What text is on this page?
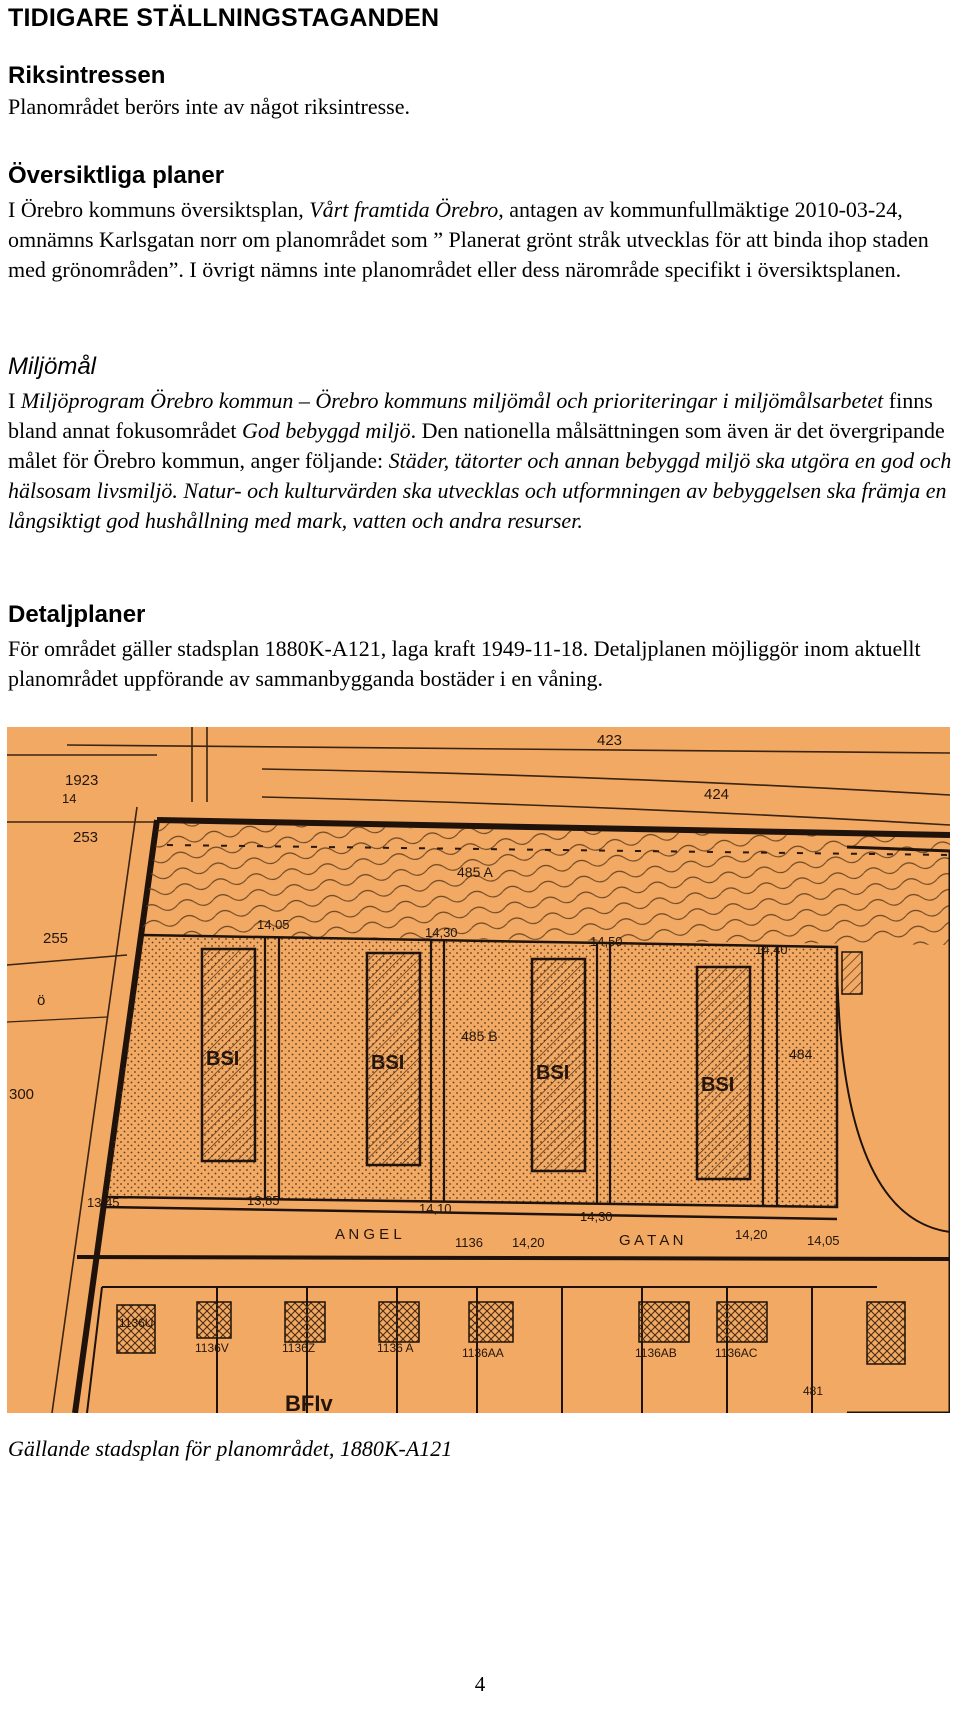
TIDIGARE STÄLLNINGSTAGANDEN
Riksintressen

Planområdet berörs inte av något riksintresse.

Översiktliga planer

I Örebro kommuns översiktsplan, Vårt framtida Örebro, antagen av kommunfullmäktige 2010-03-24, omnämns Karlsgatan norr om planområdet som ” Planerat grönt stråk utvecklas för att binda ihop staden med grönområden”. I övrigt nämns inte planområdet eller dess närområde specifikt i översiktsplanen.

Miljömål

I Miljöprogram Örebro kommun – Örebro kommuns miljömål och prioriteringar i miljömålsarbetet finns bland annat fokusområdet God bebyggd miljö. Den nationella målsättningen som även är det övergripande målet för Örebro kommun, anger följande: Städer, tätorter och annan bebyggd miljö ska utgöra en god och hälsosam livsmiljö. Natur- och kulturvärden ska utvecklas och utformningen av bebyggelsen ska främja en långsiktigt god hushållning med mark, vatten och andra resurser.

Detaljplaner

För området gäller stadsplan 1880K-A121, laga kraft 1949-11-18. Detaljplanen möjliggör inom aktuellt planområdet uppförande av sammanbygganda bostäder i en våning.

423
1923
14	424
253
485 A
255
ö
300
14,05
14,30
14,50
14,40
485 B
484
BSI	BSI	BSI
BSI
13,45	13,85
A N G E L
14,10
1136 14,20
14,30
G A T A N	14,20	14,05
1136U
1136V	1136Z	1136 A	1136AA	1136AB	1136AC
481
BFIv

Gällande stadsplan för planområdet, 1880K-A121

4
